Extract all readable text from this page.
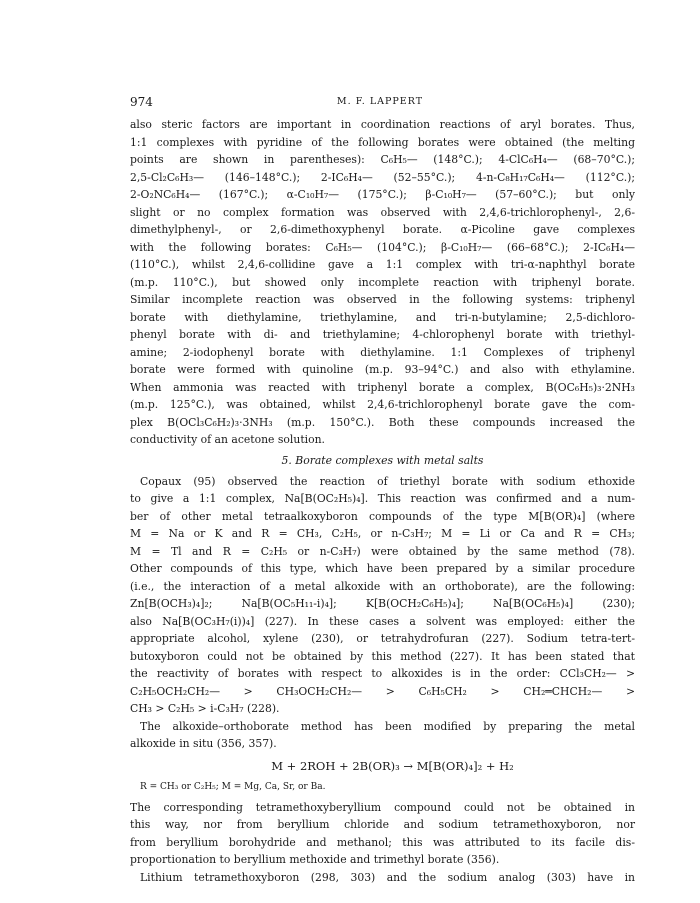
974	M. F. LAPPERT
also steric factors are important in coordination reactions of aryl borates. Thus,
1:1 complexes with pyridine of the following borates were obtained (the melting
points are shown in parentheses): C₆H₅— (148°C.); 4-ClC₆H₄— (68–70°C.);
2,5-Cl₂C₆H₃— (146–148°C.); 2-IC₆H₄— (52–55°C.); 4-n-C₈H₁₇C₆H₄— (112°C.);
2-O₂NC₆H₄— (167°C.); α-C₁₀H₇— (175°C.); β-C₁₀H₇— (57–60°C.); but only
slight or no complex formation was observed with 2,4,6-trichlorophenyl-, 2,6-
dimethylphenyl-, or 2,6-dimethoxyphenyl borate. α-Picoline gave complexes
with the following borates: C₆H₅— (104°C.); β-C₁₀H₇— (66–68°C.); 2-IC₆H₄—
(110°C.), whilst 2,4,6-collidine gave a 1:1 complex with tri-α-naphthyl borate
(m.p. 110°C.), but showed only incomplete reaction with triphenyl borate.
Similar incomplete reaction was observed in the following systems: triphenyl
borate with diethylamine, triethylamine, and tri-n-butylamine; 2,5-dichloro-
phenyl borate with di- and triethylamine; 4-chlorophenyl borate with triethyl-
amine; 2-iodophenyl borate with diethylamine. 1:1 Complexes of triphenyl
borate were formed with quinoline (m.p. 93–94°C.) and also with ethylamine.
When ammonia was reacted with triphenyl borate a complex, B(OC₆H₅)₃·2NH₃
(m.p. 125°C.), was obtained, whilst 2,4,6-trichlorophenyl borate gave the com-
plex B(OCl₃C₆H₂)₃·3NH₃ (m.p. 150°C.). Both these compounds increased the
conductivity of an acetone solution.
5. Borate complexes with metal salts
Copaux (95) observed the reaction of triethyl borate with sodium ethoxide
to give a 1:1 complex, Na[B(OC₂H₅)₄]. This reaction was confirmed and a num-
ber of other metal tetraalkoxyboron compounds of the type M[B(OR)₄] (where
M = Na or K and R = CH₃, C₂H₅, or n-C₃H₇; M = Li or Ca and R = CH₃;
M = Tl and R = C₂H₅ or n-C₃H₇) were obtained by the same method (78).
Other compounds of this type, which have been prepared by a similar procedure
(i.e., the interaction of a metal alkoxide with an orthoborate), are the following:
Zn[B(OCH₃)₄]₂; Na[B(OC₅H₁₁-i)₄]; K[B(OCH₂C₆H₅)₄]; Na[B(OC₆H₅)₄] (230);
also Na[B(OC₃H₇(i))₄] (227). In these cases a solvent was employed: either the
appropriate alcohol, xylene (230), or tetrahydrofuran (227). Sodium tetra-tert-
butoxyboron could not be obtained by this method (227). It has been stated that
the reactivity of borates with respect to alkoxides is in the order: CCl₃CH₂— >
C₂H₅OCH₂CH₂— > CH₃OCH₂CH₂— > C₆H₅CH₂ > CH₂═CHCH₂— >
CH₃ > C₂H₅ > i-C₃H₇ (228).
The alkoxide–orthoborate method has been modified by preparing the metal
alkoxide in situ (356, 357).
M + 2ROH + 2B(OR)₃ → M[B(OR)₄]₂ + H₂
R = CH₃ or C₂H₅; M = Mg, Ca, Sr, or Ba.
The corresponding tetramethoxyberyllium compound could not be obtained in
this way, nor from beryllium chloride and sodium tetramethoxyboron, nor
from beryllium borohydride and methanol; this was attributed to its facile dis-
proportionation to beryllium methoxide and trimethyl borate (356).
Lithium tetramethoxyboron (298, 303) and the sodium analog (303) have in
